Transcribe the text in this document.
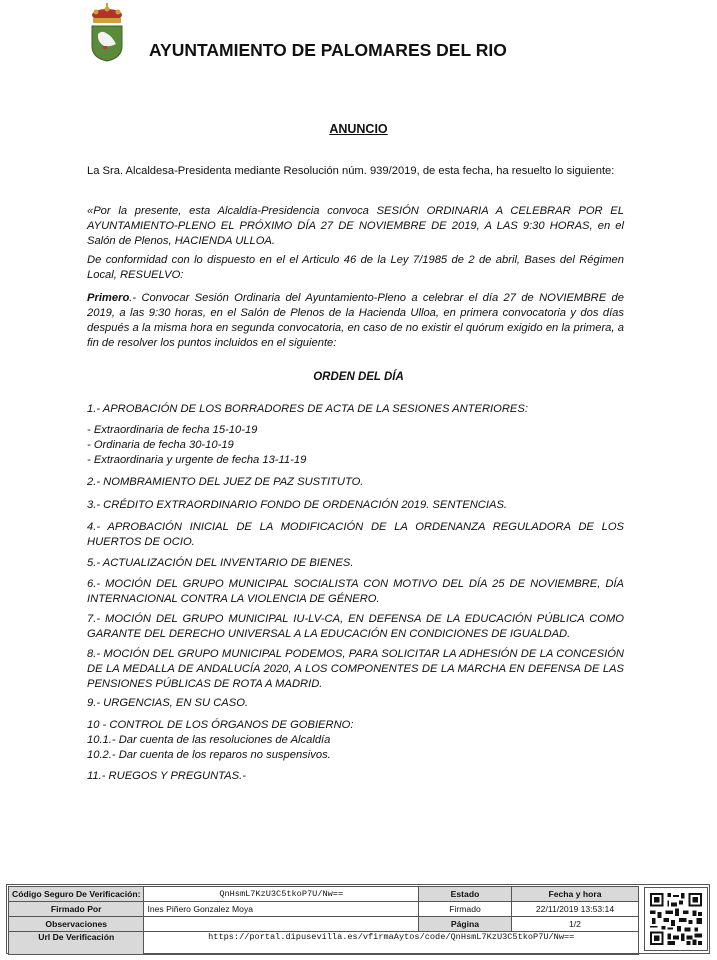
AYUNTAMIENTO DE PALOMARES DEL RIO
ANUNCIO
La Sra. Alcaldesa-Presidenta mediante Resolución núm. 939/2019, de esta fecha, ha resuelto lo siguiente:
«Por la presente, esta Alcaldía-Presidencia convoca SESIÓN ORDINARIA A CELEBRAR POR EL AYUNTAMIENTO-PLENO EL PRÓXIMO DÍA 27 DE NOVIEMBRE DE 2019, A LAS 9:30 HORAS, en el Salón de Plenos, HACIENDA ULLOA.
De conformidad con lo dispuesto en el el Articulo 46 de la Ley 7/1985 de 2 de abril, Bases del Régimen Local, RESUELVO:
Primero.- Convocar Sesión Ordinaria del Ayuntamiento-Pleno a celebrar el día 27 de NOVIEMBRE de 2019, a las 9:30 horas, en el Salón de Plenos de la Hacienda Ulloa, en primera convocatoria y dos días después a la misma hora en segunda convocatoria, en caso de no existir el quórum exigido en la primera, a fin de resolver los puntos incluidos en el siguiente:
ORDEN DEL DÍA
1.- APROBACIÓN DE LOS BORRADORES DE ACTA DE LA SESIONES ANTERIORES:
- Extraordinaria de fecha 15-10-19
- Ordinaria de fecha 30-10-19
- Extraordinaria y urgente de fecha 13-11-19
2.- NOMBRAMIENTO DEL JUEZ DE PAZ SUSTITUTO.
3.- CRÉDITO EXTRAORDINARIO FONDO DE ORDENACIÓN 2019. SENTENCIAS.
4.- APROBACIÓN INICIAL DE LA MODIFICACIÓN DE LA ORDENANZA REGULADORA DE LOS HUERTOS DE OCIO.
5.- ACTUALIZACIÓN DEL INVENTARIO DE BIENES.
6.- MOCIÓN DEL GRUPO MUNICIPAL SOCIALISTA CON MOTIVO DEL DÍA 25 DE NOVIEMBRE, DÍA INTERNACIONAL CONTRA LA VIOLENCIA DE GÉNERO.
7.- MOCIÓN DEL GRUPO MUNICIPAL IU-LV-CA, EN DEFENSA DE LA EDUCACIÓN PÚBLICA COMO GARANTE DEL DERECHO UNIVERSAL A LA EDUCACIÓN EN CONDICIONES DE IGUALDAD.
8.- MOCIÓN DEL GRUPO MUNICIPAL PODEMOS, PARA SOLICITAR LA ADHESIÓN DE LA CONCESIÓN DE LA MEDALLA DE ANDALUCÍA 2020, A LOS COMPONENTES DE LA MARCHA EN DEFENSA DE LAS PENSIONES PÚBLICAS DE ROTA A MADRID.
9.- URGENCIAS, EN SU CASO.
10 - CONTROL DE LOS ÓRGANOS DE GOBIERNO:
10.1.- Dar cuenta de las resoluciones de Alcaldía
10.2.- Dar cuenta de los reparos no suspensivos.
11.- RUEGOS Y PREGUNTAS.-
Código Seguro De Verificación:	QnHsmL7KzU3C5tkoP7U/Nw==	Estado	Fecha y hora
Firmado Por	Ines Piñero Gonzalez Moya	Firmado	22/11/2019 13:53:14
Observaciones		Página	1/2
Url De Verificación	https://portal.dipusevilla.es/vfirmaAytos/code/QnHsmL7KzU3C5tkoP7U/Nw==		
